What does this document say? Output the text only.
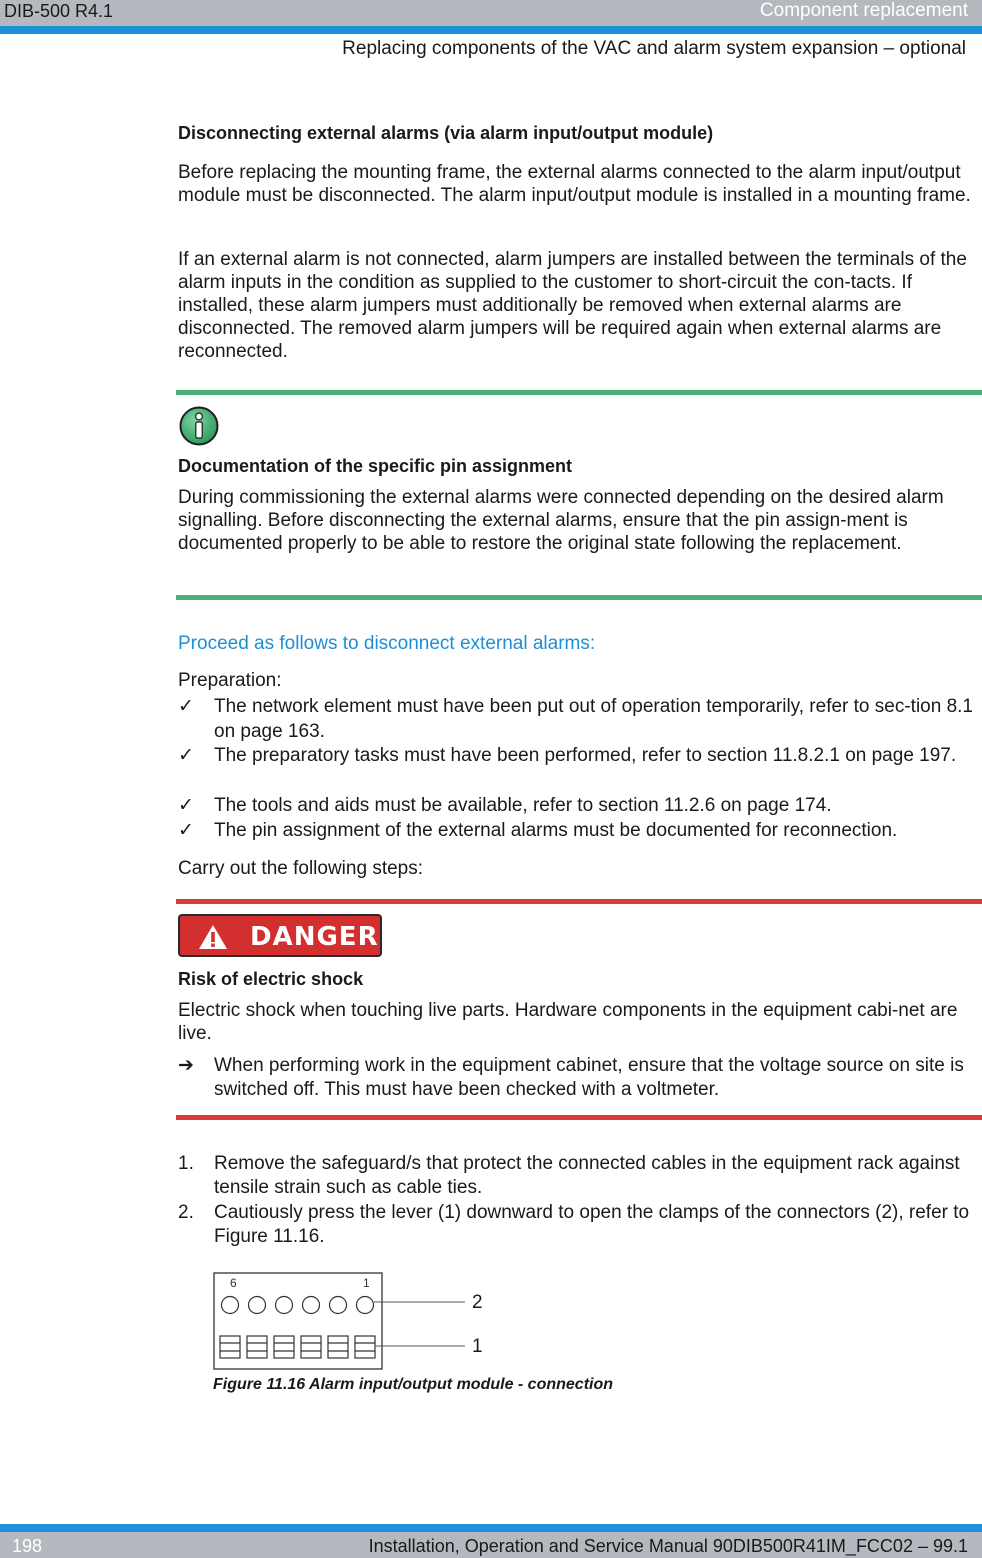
DIB-500 R4.1	Component replacement
Replacing components of the VAC and alarm system expansion – optional
Disconnecting external alarms (via alarm input/output module)
Before replacing the mounting frame, the external alarms connected to the alarm input/output module must be disconnected. The alarm input/output module is installed in a mounting frame.
If an external alarm is not connected, alarm jumpers are installed between the terminals of the alarm inputs in the condition as supplied to the customer to short-circuit the con-tacts. If installed, these alarm jumpers must additionally be removed when external alarms are disconnected. The removed alarm jumpers will be required again when external alarms are reconnected.
Documentation of the specific pin assignment
During commissioning the external alarms were connected depending on the desired alarm signalling. Before disconnecting the external alarms, ensure that the pin assign-ment is documented properly to be able to restore the original state following the replacement.
Proceed as follows to disconnect external alarms:
Preparation:
✓	The network element must have been put out of operation temporarily, refer to sec-tion 8.1 on page 163.
✓	The preparatory tasks must have been performed, refer to section 11.8.2.1 on page 197.
✓	The tools and aids must be available, refer to section 11.2.6 on page 174.
✓	The pin assignment of the external alarms must be documented for reconnection.
Carry out the following steps:
DANGER
Risk of electric shock
Electric shock when touching live parts. Hardware components in the equipment cabi-net are live.
➔	When performing work in the equipment cabinet, ensure that the voltage source on site is switched off. This must have been checked with a voltmeter.
1.	Remove the safeguard/s that protect the connected cables in the equipment rack against tensile strain such as cable ties.
2.	Cautiously press the lever (1) downward to open the clamps of the connectors (2), refer to Figure 11.16.
6	1
2
1
Figure 11.16 Alarm input/output module - connection
198	Installation, Operation and Service Manual 90DIB500R41IM_FCC02 – 99.1
